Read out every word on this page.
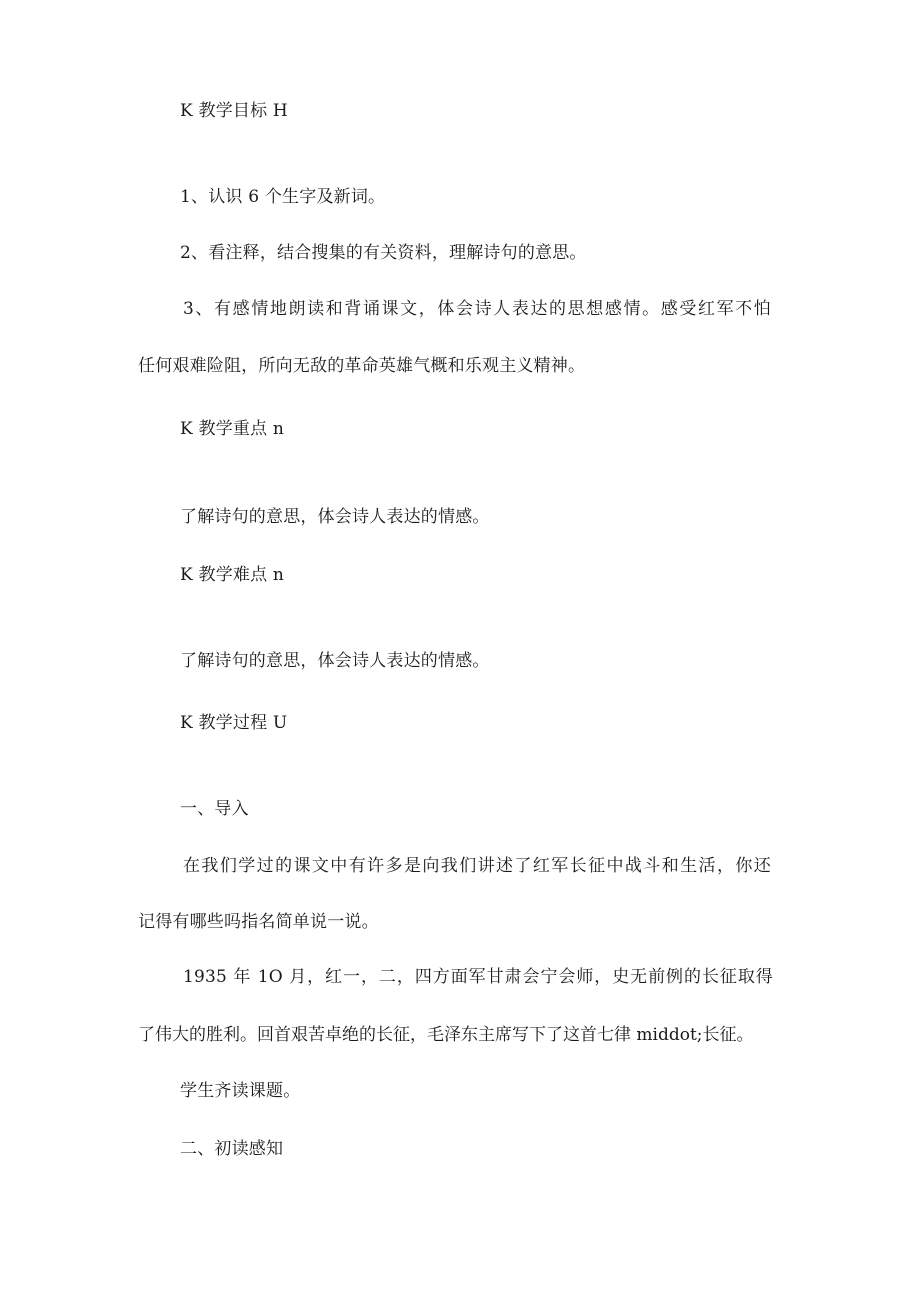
K 教学目标 H
1、认识 6 个生字及新词。
2、看注释，结合搜集的有关资料，理解诗句的意思。
3、有感情地朗读和背诵课文，体会诗人表达的思想感情。感受红军不怕
任何艰难险阻，所向无敌的革命英雄气概和乐观主义精神。
K 教学重点 n
了解诗句的意思，体会诗人表达的情感。
K 教学难点 n
了解诗句的意思，体会诗人表达的情感。
K 教学过程 U
一、导入
在我们学过的课文中有许多是向我们讲述了红军长征中战斗和生活，你还
记得有哪些吗指名简单说一说。
1935 年 1O 月，红一，二，四方面军甘肃会宁会师，史无前例的长征取得
了伟大的胜利。回首艰苦卓绝的长征，毛泽东主席写下了这首七律 middot;长征。
学生齐读课题。
二、初读感知
